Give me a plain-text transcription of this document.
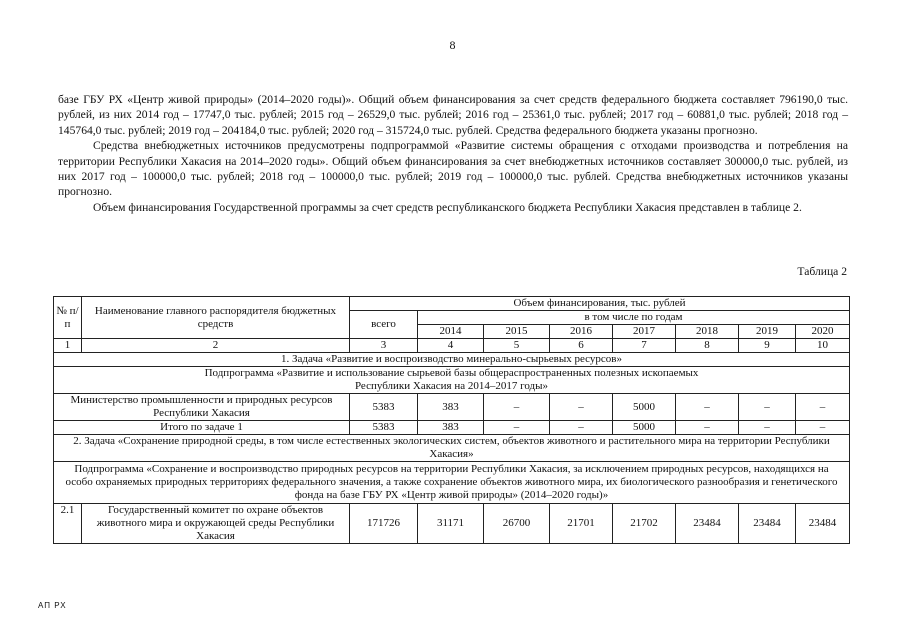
8

базе ГБУ РХ «Центр живой природы» (2014–2020 годы)». Общий объем финансирования за счет средств федерального бюджета составляет 796190,0 тыс. рублей, из них 2014 год – 17747,0 тыс. рублей; 2015 год – 26529,0 тыс. рублей; 2016 год – 25361,0 тыс. рублей; 2017 год – 60881,0 тыс. рублей; 2018 год – 145764,0 тыс. рублей; 2019 год – 204184,0 тыс. рублей; 2020 год – 315724,0 тыс. рублей. Средства федерального бюджета указаны прогнозно.

Средства внебюджетных источников предусмотрены подпрограммой «Развитие системы обращения с отходами производства и потребления на территории Республики Хакасия на 2014–2020 годы». Общий объем финансирования за счет внебюджетных источников составляет 300000,0 тыс. рублей, из них 2017 год – 100000,0 тыс. рублей; 2018 год – 100000,0 тыс. рублей; 2019 год – 100000,0 тыс. рублей. Средства внебюджетных источников указаны прогнозно.

Объем финансирования Государственной программы за счет средств республиканского бюджета Республики Хакасия представлен в таблице 2.

Таблица 2
№ п/п	Наименование главного распорядителя бюджетных средств	Объем финансирования, тыс. рублей							
		всего	в том числе по годам						
			2014	2015	2016	2017	2018	2019	2020
1	2	3	4	5	6	7	8	9	10
1. Задача «Развитие и воспроизводство минерально-сырьевых ресурсов»									
Подпрограмма «Развитие и использование сырьевой базы общераспространенных полезных ископаемых Республики Хакасия на 2014–2017 годы»									
Министерство промышленности и природных ресурсов Республики Хакасия		5383	383	–	–	5000	–	–	–
Итого по задаче 1		5383	383	–	–	5000	–	–	–
2. Задача «Сохранение природной среды, в том числе естественных экологических систем, объектов животного и растительного мира на территории Республики Хакасия»									
Подпрограмма «Сохранение и воспроизводство природных ресурсов на территории Республики Хакасия, за исключением природных ресурсов, находящихся на особо охраняемых природных территориях федерального значения, а также сохранение объектов животного мира, их биологического разнообразия и генетического фонда на базе ГБУ РХ «Центр живой природы» (2014–2020 годы)»									
2.1	Государственный комитет по охране объектов животного мира и окружающей среды Республики Хакасия	171726	31171	26700	21701	21702	23484	23484	23484
АП РХ
